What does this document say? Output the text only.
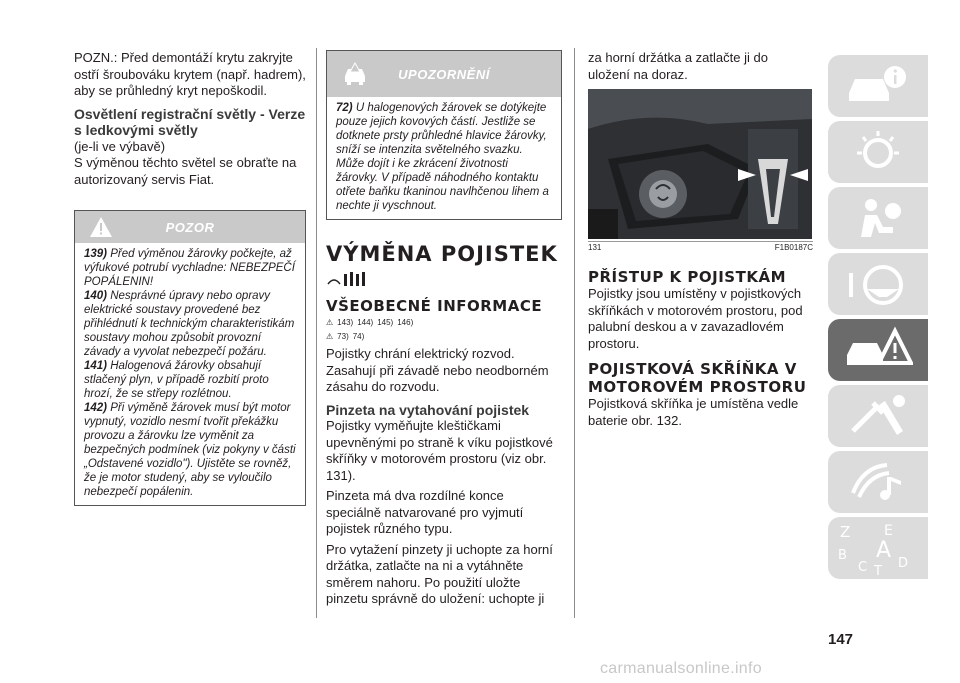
POZN.: Před demontáží krytu zakryjte ostří šroubováku krytem (např. hadrem), aby se průhledný kryt nepoškodil.

Osvětlení registrační světly - Verze s ledkovými světly

(je-li ve výbavě)

S výměnou těchto světel se obraťte na autorizovaný servis Fiat.

POZOR

139) Před výměnou žárovky počkejte, až výfukové potrubí vychladne: NEBEZPEČÍ POPÁLENIN!

140) Nesprávné úpravy nebo opravy elektrické soustavy provedené bez přihlédnutí k technickým charakteristikám soustavy mohou způsobit provozní závady a vyvolat nebezpečí požáru.

141) Halogenová žárovky obsahují stlačený plyn, v případě rozbití proto hrozí, že se střepy rozlétnou.

142) Při výměně žárovek musí být motor vypnutý, vozidlo nesmí tvořit překážku provozu a žárovku lze vyměnit za bezpečných podmínek (viz pokyny v části „Odstavené vozidlo"). Ujistěte se rovněž, že je motor studený, aby se vyloučilo nebezpečí popálenin.

UPOZORNĚNÍ

72) U halogenových žárovek se dotýkejte pouze jejich kovových částí. Jestliže se dotknete prsty průhledné hlavice žárovky, sníží se intenzita světelného svazku. Může dojít i ke zkrácení životnosti žárovky. V případě náhodného kontaktu otřete baňku tkaninou navlhčenou lihem a nechte ji vyschnout.

VÝMĚNA POJISTEK
VŠEOBECNÉ INFORMACE
⚠ 143) 144) 145) 146)
⚠ 73) 74)

Pojistky chrání elektrický rozvod. Zasahují při závadě nebo neodborném zásahu do rozvodu.

Pinzeta na vytahování pojistek

Pojistky vyměňujte kleštičkami upevněnými po straně k víku pojistkové skříňky v motorovém prostoru (viz obr. 131).

Pinzeta má dva rozdílné konce speciálně natvarované pro vyjmutí pojistek různého typu.

Pro vytažení pinzety ji uchopte za horní držátka, zatlačte na ni a vytáhněte směrem nahoru. Po použití uložte pinzetu správně do uložení: uchopte ji

za horní držátka a zatlačte ji do uložení na doraz.

131	F1B0187C
PŘÍSTUP K POJISTKÁM

Pojistky jsou umístěny v pojistkových skříňkách v motorovém prostoru, pod palubní deskou a v zavazadlovém prostoru.

POJISTKOVÁ SKŘÍŇKA V MOTOROVÉM PROSTORU

Pojistková skříňka je umístěna vedle baterie obr. 132.

Z E
B A
C T
D
147
carmanualsonline.info
